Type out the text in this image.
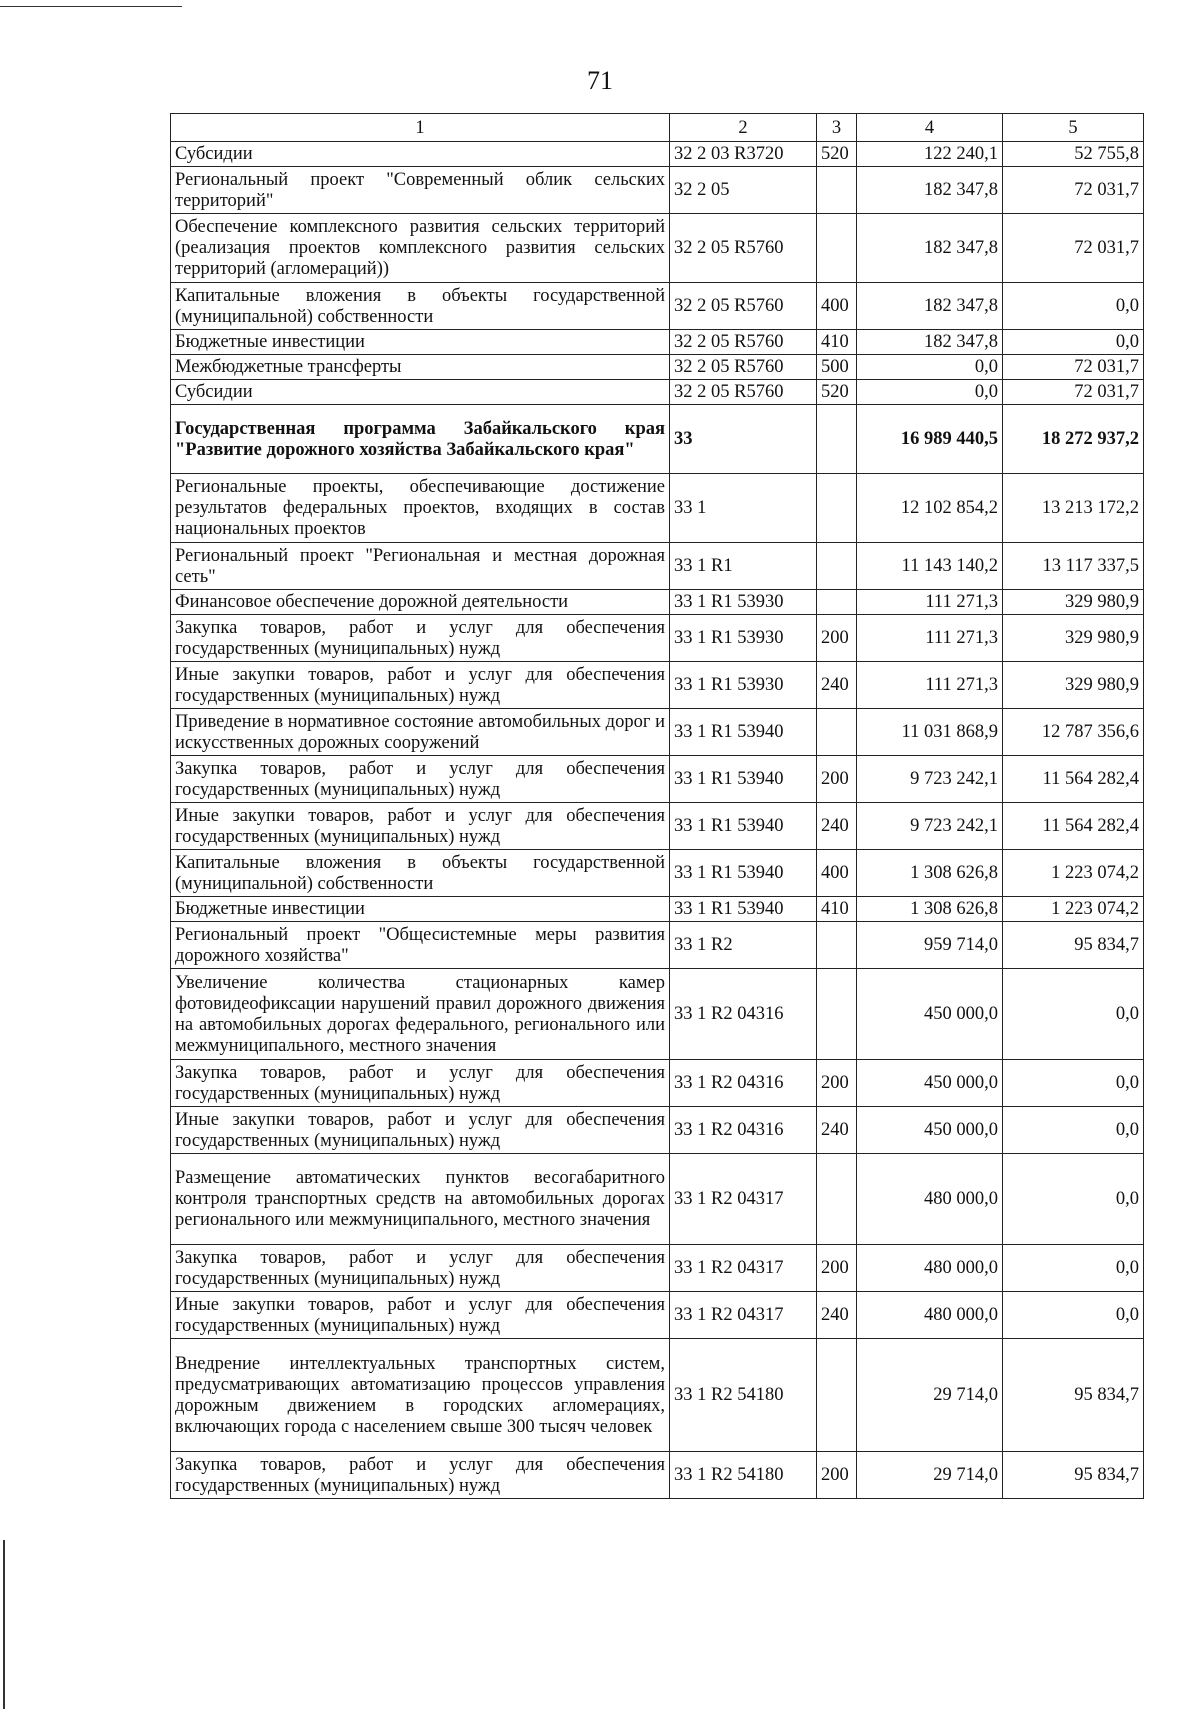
71
1	2	3	4	5
Субсидии	32 2 03 R3720	520	122 240,1	52 755,8
Региональный проект "Современный облик сельских территорий"	32 2 05		182 347,8	72 031,7
Обеспечение комплексного развития сельских территорий (реализация проектов комплексного развития сельских территорий (агломераций))	32 2 05 R5760		182 347,8	72 031,7
Капитальные вложения в объекты государственной (муниципальной) собственности	32 2 05 R5760	400	182 347,8	0,0
Бюджетные инвестиции	32 2 05 R5760	410	182 347,8	0,0
Межбюджетные трансферты	32 2 05 R5760	500	0,0	72 031,7
Субсидии	32 2 05 R5760	520	0,0	72 031,7
Государственная программа Забайкальского края "Развитие дорожного хозяйства Забайкальского края"	33		16 989 440,5	18 272 937,2
Региональные проекты, обеспечивающие достижение результатов федеральных проектов, входящих в состав национальных проектов	33 1		12 102 854,2	13 213 172,2
Региональный проект "Региональная и местная дорожная сеть"	33 1 R1		11 143 140,2	13 117 337,5
Финансовое обеспечение дорожной деятельности	33 1 R1 53930		111 271,3	329 980,9
Закупка товаров, работ и услуг для обеспечения государственных (муниципальных) нужд	33 1 R1 53930	200	111 271,3	329 980,9
Иные закупки товаров, работ и услуг для обеспечения государственных (муниципальных) нужд	33 1 R1 53930	240	111 271,3	329 980,9
Приведение в нормативное состояние автомобильных дорог и искусственных дорожных сооружений	33 1 R1 53940		11 031 868,9	12 787 356,6
Закупка товаров, работ и услуг для обеспечения государственных (муниципальных) нужд	33 1 R1 53940	200	9 723 242,1	11 564 282,4
Иные закупки товаров, работ и услуг для обеспечения государственных (муниципальных) нужд	33 1 R1 53940	240	9 723 242,1	11 564 282,4
Капитальные вложения в объекты государственной (муниципальной) собственности	33 1 R1 53940	400	1 308 626,8	1 223 074,2
Бюджетные инвестиции	33 1 R1 53940	410	1 308 626,8	1 223 074,2
Региональный проект "Общесистемные меры развития дорожного хозяйства"	33 1 R2		959 714,0	95 834,7
Увеличение количества стационарных камер фотовидеофиксации нарушений правил дорожного движения на автомобильных дорогах федерального, регионального или межмуниципального, местного значения	33 1 R2 04316		450 000,0	0,0
Закупка товаров, работ и услуг для обеспечения государственных (муниципальных) нужд	33 1 R2 04316	200	450 000,0	0,0
Иные закупки товаров, работ и услуг для обеспечения государственных (муниципальных) нужд	33 1 R2 04316	240	450 000,0	0,0
Размещение автоматических пунктов весогабаритного контроля транспортных средств на автомобильных дорогах регионального или межмуниципального, местного значения	33 1 R2 04317		480 000,0	0,0
Закупка товаров, работ и услуг для обеспечения государственных (муниципальных) нужд	33 1 R2 04317	200	480 000,0	0,0
Иные закупки товаров, работ и услуг для обеспечения государственных (муниципальных) нужд	33 1 R2 04317	240	480 000,0	0,0
Внедрение интеллектуальных транспортных систем, предусматривающих автоматизацию процессов управления дорожным движением в городских агломерациях, включающих города с населением свыше 300 тысяч человек	33 1 R2 54180		29 714,0	95 834,7
Закупка товаров, работ и услуг для обеспечения государственных (муниципальных) нужд	33 1 R2 54180	200	29 714,0	95 834,7
